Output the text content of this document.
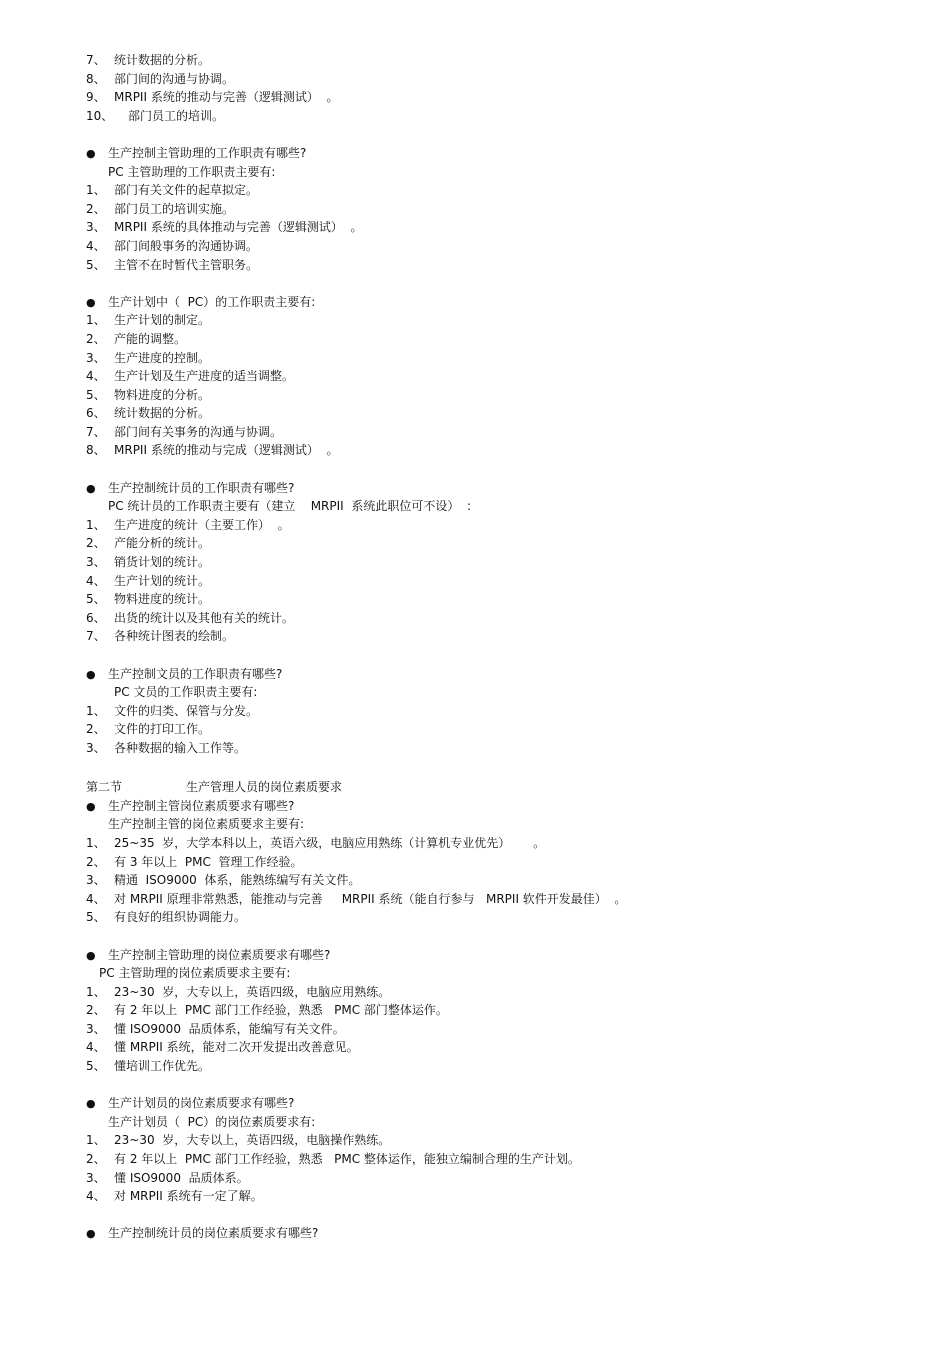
7、 统计数据的分析。
8、 部门间的沟通与协调。
9、 MRPII 系统的推动与完善（逻辑测试）  。
10、 部门员工的培训。
● 生产控制主管助理的工作职责有哪些?
PC 主管助理的工作职责主要有:
1、 部门有关文件的起草拟定。
2、 部门员工的培训实施。
3、 MRPII 系统的具体推动与完善（逻辑测试）  。
4、 部门间般事务的沟通协调。
5、 主管不在时暂代主管职务。
● 生产计划中（  PC）的工作职责主要有:
1、 生产计划的制定。
2、 产能的调整。
3、 生产进度的控制。
4、 生产计划及生产进度的适当调整。
5、 物料进度的分析。
6、 统计数据的分析。
7、 部门间有关事务的沟通与协调。
8、 MRPII 系统的推动与完成（逻辑测试）  。
● 生产控制统计员的工作职责有哪些?
PC 统计员的工作职责主要有（建立    MRPII  系统此职位可不设）  :
1、 生产进度的统计（主要工作）  。
2、 产能分析的统计。
3、 销货计划的统计。
4、 生产计划的统计。
5、 物料进度的统计。
6、 出货的统计以及其他有关的统计。
7、 各种统计图表的绘制。
● 生产控制文员的工作职责有哪些?
PC 文员的工作职责主要有:
1、 文件的归类、保管与分发。
2、 文件的打印工作。
3、 各种数据的输入工作等。
第二节	生产管理人员的岗位素质要求
● 生产控制主管岗位素质要求有哪些?
生产控制主管的岗位素质要求主要有:
1、 25~35  岁，大学本科以上，英语六级，电脑应用熟练（计算机专业优先）      。
2、 有 3 年以上  PMC  管理工作经验。
3、 精通  ISO9000  体系，能熟练编写有关文件。
4、 对 MRPII 原理非常熟悉，能推动与完善     MRPII 系统（能自行参与   MRPII 软件开发最佳）  。
5、 有良好的组织协调能力。
● 生产控制主管助理的岗位素质要求有哪些?
PC 主管助理的岗位素质要求主要有:
1、 23~30  岁，大专以上，英语四级，电脑应用熟练。
2、 有 2 年以上  PMC 部门工作经验，熟悉   PMC 部门整体运作。
3、 懂 ISO9000  品质体系，能编写有关文件。
4、 懂 MRPII 系统，能对二次开发提出改善意见。
5、 懂培训工作优先。
● 生产计划员的岗位素质要求有哪些?
生产计划员（  PC）的岗位素质要求有:
1、 23~30  岁，大专以上，英语四级，电脑操作熟练。
2、 有 2 年以上  PMC 部门工作经验，熟悉   PMC 整体运作，能独立编制合理的生产计划。
3、 懂 ISO9000  品质体系。
4、 对 MRPII 系统有一定了解。
● 生产控制统计员的岗位素质要求有哪些?
